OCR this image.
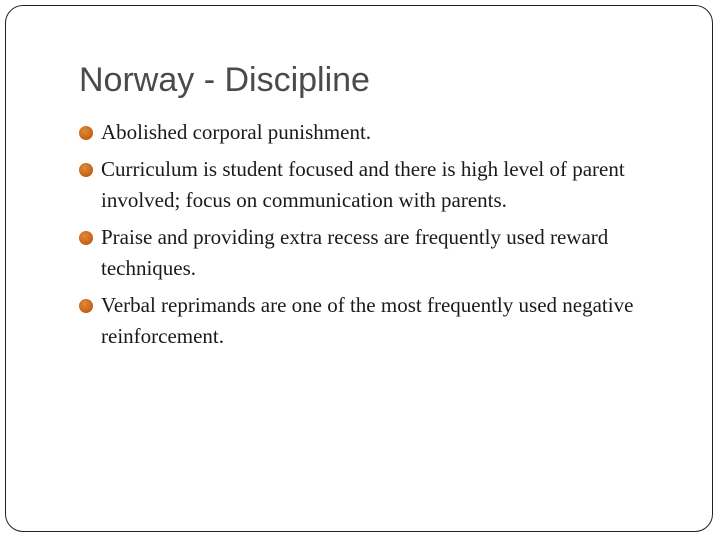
Norway - Discipline
Abolished corporal punishment.
Curriculum is student focused and there is high level of parent involved; focus on communication with parents.
Praise and providing extra recess are frequently used reward techniques.
Verbal reprimands are one of the most frequently used negative reinforcement.
